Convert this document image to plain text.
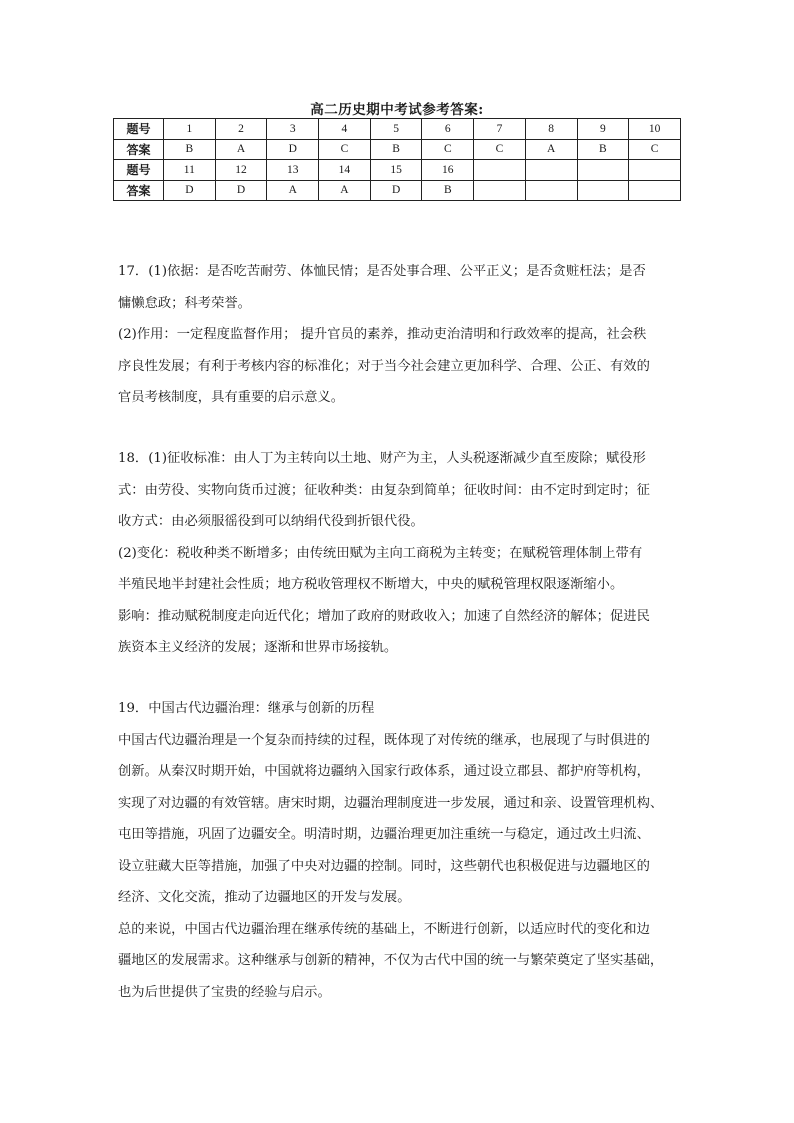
高二历史期中考试参考答案:
题号	1	2	3	4	5	6	7	8	9	10
答案	B	A	D	C	B	C	C	A	B	C
题号	11	12	13	14	15	16				
答案	D	D	A	A	D	B				

17．(1)依据：是否吃苦耐劳、体恤民情；是否处事合理、公平正义；是否贪赃枉法；是否

慵懒怠政；科考荣誉。

(2)作用：一定程度监督作用； 提升官员的素养，推动吏治清明和行政效率的提高，社会秩

序良性发展；有利于考核内容的标准化；对于当今社会建立更加科学、合理、公正、有效的

官员考核制度，具有重要的启示意义。

18．(1)征收标准：由人丁为主转向以土地、财产为主，人头税逐渐减少直至废除；赋役形

式：由劳役、实物向货币过渡；征收种类：由复杂到简单；征收时间：由不定时到定时；征

收方式：由必须服徭役到可以纳绢代役到折银代役。

(2)变化：税收种类不断增多；由传统田赋为主向工商税为主转变；在赋税管理体制上带有

半殖民地半封建社会性质；地方税收管理权不断增大，中央的赋税管理权限逐渐缩小。

影响：推动赋税制度走向近代化；增加了政府的财政收入；加速了自然经济的解体；促进民

族资本主义经济的发展；逐渐和世界市场接轨。

19．中国古代边疆治理：继承与创新的历程

中国古代边疆治理是一个复杂而持续的过程，既体现了对传统的继承，也展现了与时俱进的

创新。从秦汉时期开始，中国就将边疆纳入国家行政体系，通过设立郡县、都护府等机构，

实现了对边疆的有效管辖。唐宋时期，边疆治理制度进一步发展，通过和亲、设置管理机构、

屯田等措施，巩固了边疆安全。明清时期，边疆治理更加注重统一与稳定，通过改土归流、

设立驻藏大臣等措施，加强了中央对边疆的控制。同时，这些朝代也积极促进与边疆地区的

经济、文化交流，推动了边疆地区的开发与发展。

总的来说，中国古代边疆治理在继承传统的基础上，不断进行创新，以适应时代的变化和边

疆地区的发展需求。这种继承与创新的精神，不仅为古代中国的统一与繁荣奠定了坚实基础，

也为后世提供了宝贵的经验与启示。
